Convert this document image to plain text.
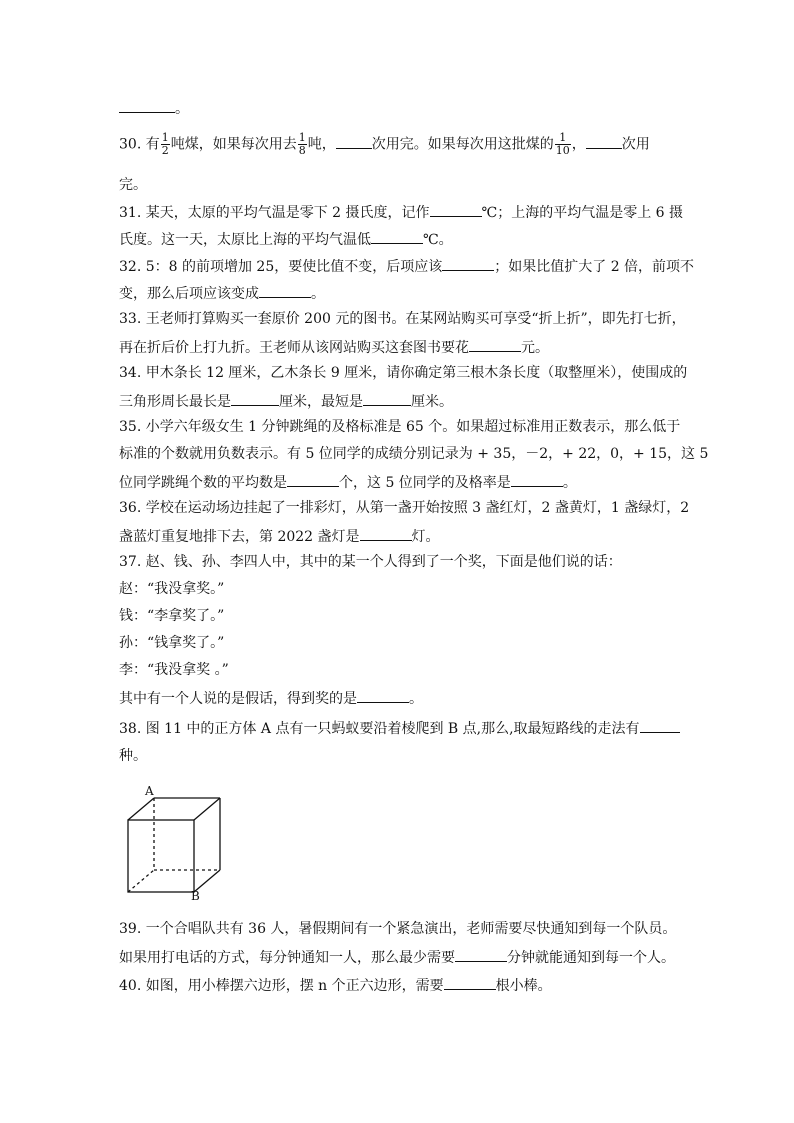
。
30. 有 $\frac{1}{2}$ 吨煤，如果每次用去 $\frac{1}{8}$ 吨，	次用完。如果每次用这批煤的 $\frac{1}{10}$ ，	次用
完。
31. 某天，太原的平均气温是零下 2 摄氏度，记作	℃；上海的平均气温是零上 6 摄
氏度。这一天，太原比上海的平均气温低	℃。
32. 5：8 的前项增加 25，要使比值不变，后项应该	；如果比值扩大了 2 倍，前项不
变，那么后项应该变成	。
33. 王老师打算购买一套原价 200 元的图书。在某网站购买可享受“折上折”，即先打七折，
再在折后价上打九折。王老师从该网站购买这套图书要花	元。
34. 甲木条长 12 厘米，乙木条长 9 厘米，请你确定第三根木条长度（取整厘米），使围成的
三角形周长最长是	厘米，最短是	厘米。
35. 小学六年级女生 1 分钟跳绳的及格标准是 65 个。如果超过标准用正数表示，那么低于
标准的个数就用负数表示。有 5 位同学的成绩分别记录为 + 35，－2，+ 22，0，+ 15，这 5
位同学跳绳个数的平均数是	个，这 5 位同学的及格率是	。
36. 学校在运动场边挂起了一排彩灯，从第一盏开始按照 3 盏红灯，2 盏黄灯，1 盏绿灯，2
盏蓝灯重复地排下去，第 2022 盏灯是	灯。
37. 赵、钱、孙、李四人中，其中的某一个人得到了一个奖，下面是他们说的话：
赵：“我没拿奖。”
钱：“李拿奖了。”
孙：“钱拿奖了。”
李：“我没拿奖 。”
其中有一个人说的是假话，得到奖的是	。
38. 图 11 中的正方体 A 点有一只蚂蚁要沿着棱爬到 B 点,那么,取最短路线的走法有
种。
A
B
39. 一个合唱队共有 36 人，暑假期间有一个紧急演出，老师需要尽快通知到每一个队员。
如果用打电话的方式，每分钟通知一人，那么最少需要	分钟就能通知到每一个人。
40. 如图，用小棒摆六边形，摆 n 个正六边形，需要	根小棒。
